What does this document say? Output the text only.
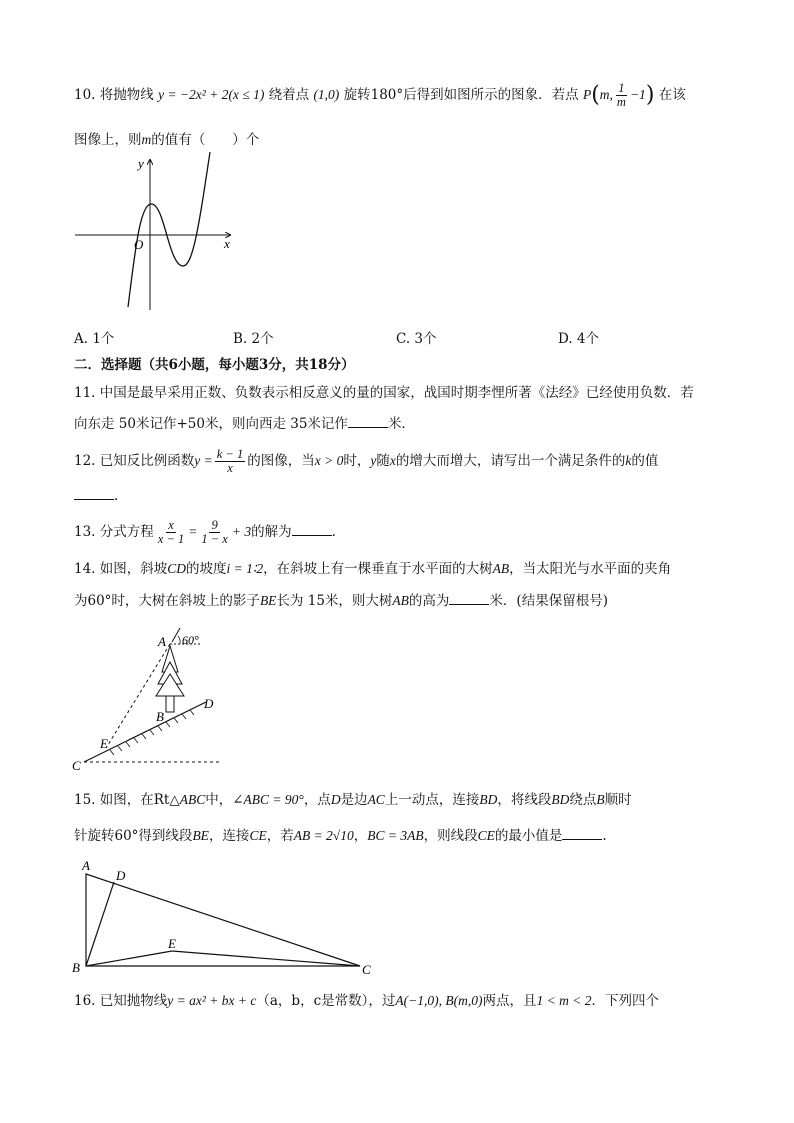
10. 将抛物线 y = −2x² + 2(x ≤ 1) 绕着点 (1,0) 旋转180°后得到如图所示的图象．若点 P(m, $\frac{1}{m} -1$) 在该
图像上，则m的值有（　　）个
y
x
O
A. 1个	B. 2个	C. 3个	D. 4个
二．选择题（共6小题，每小题3分，共18分）
11. 中国是最早采用正数、负数表示相反意义的量的国家，战国时期李悝所著《法经》已经使用负数．若
向东走 50米记作+50米，则向西走 35米记作	米．
12. 已知反比例函数$y = \frac{k - 1}{x}$ 的图像，当x > 0时，y随x的增大而增大，请写出一个满足条件的k的值
.
13. 分式方程 $\frac{x}{x - 1} = \frac{9}{1 - x} + 3$的解为	.
14. 如图，斜坡CD的坡度i = 1∶2，在斜坡上有一棵垂直于水平面的大树AB，当太阳光与水平面的夹角
为60°时，大树在斜坡上的影子BE长为 15米，则大树AB的高为	米．(结果保留根号)
A 60°
B
C
D
E
15. 如图，在Rt△ABC中，∠ABC = 90°，点D是边AC上一动点，连接BD，将线段BD绕点B顺时
针旋转60°得到线段BE，连接CE，若AB = 2√10，BC = 3AB，则线段CE的最小值是	.
A
B	C
D
E
16. 已知抛物线y = ax² + bx + c（a，b，c是常数），过A(−1,0), B(m,0)两点，且1 < m < 2．下列四个
